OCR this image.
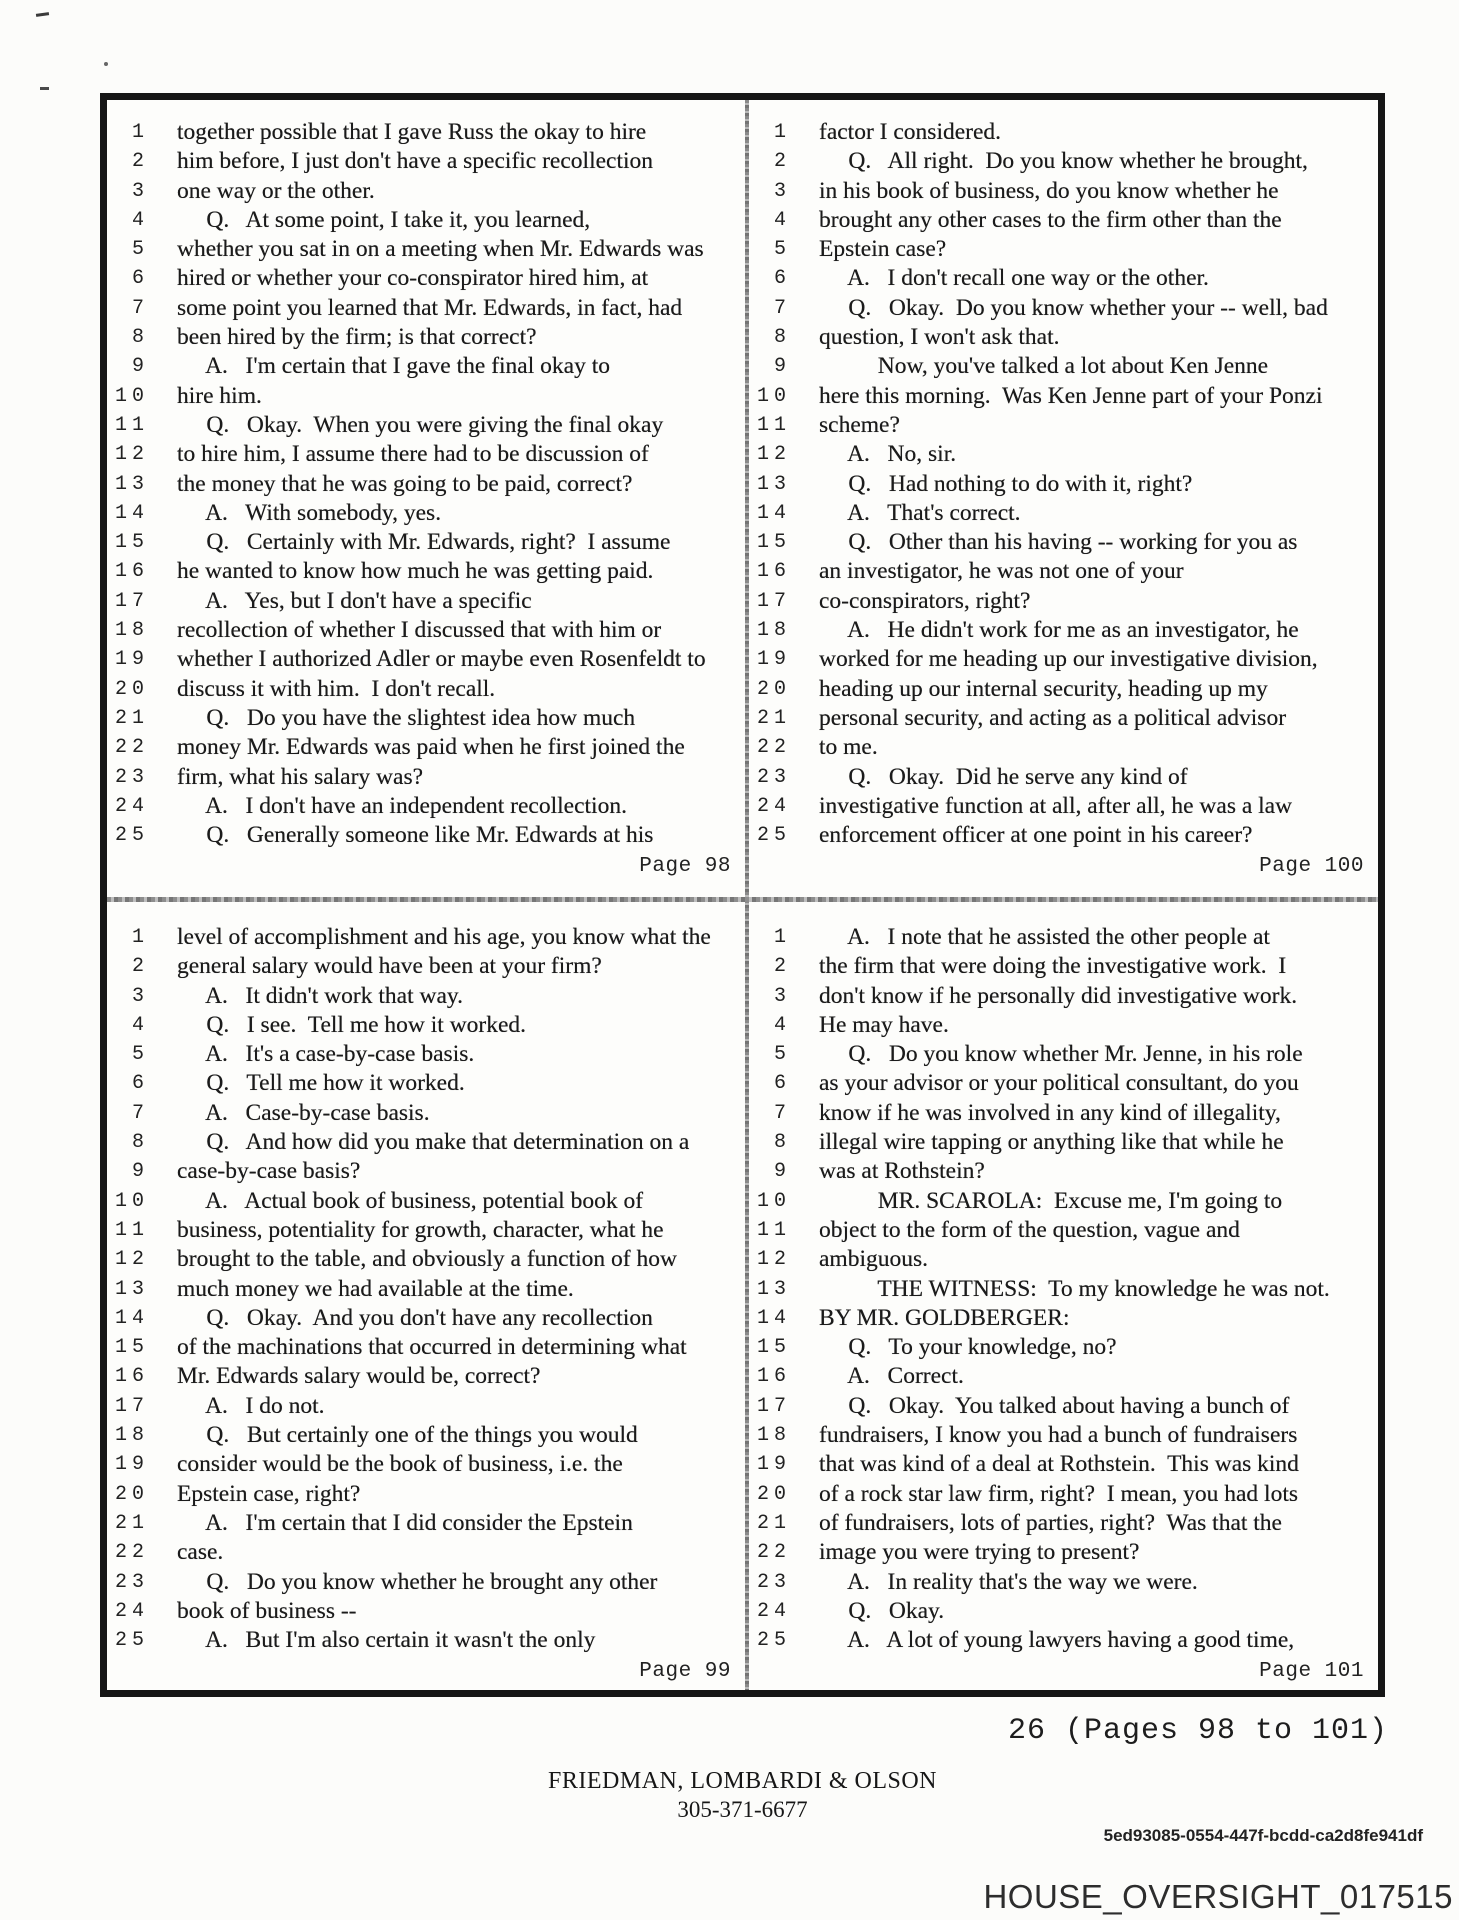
1 together possible that I gave Russ the okay to hire
2 him before, I just don't have a specific recollection
3 one way or the other.
4 Q.   At some point, I take it, you learned,
5 whether you sat in on a meeting when Mr. Edwards was
6 hired or whether your co-conspirator hired him, at
7 some point you learned that Mr. Edwards, in fact, had
8 been hired by the firm; is that correct?
9 A.   I'm certain that I gave the final okay to
10 hire him.
11 Q.   Okay.  When you were giving the final okay
12 to hire him, I assume there had to be discussion of
13 the money that he was going to be paid, correct?
14 A.   With somebody, yes.
15 Q.   Certainly with Mr. Edwards, right?  I assume
16 he wanted to know how much he was getting paid.
17 A.   Yes, but I don't have a specific
18 recollection of whether I discussed that with him or
19 whether I authorized Adler or maybe even Rosenfeldt to
20 discuss it with him.  I don't recall.
21 Q.   Do you have the slightest idea how much
22 money Mr. Edwards was paid when he first joined the
23 firm, what his salary was?
24 A.   I don't have an independent recollection.
25 Q.   Generally someone like Mr. Edwards at his
Page 98
1 factor I considered.
2 Q.   All right.  Do you know whether he brought,
3 in his book of business, do you know whether he
4 brought any other cases to the firm other than the
5 Epstein case?
6 A.   I don't recall one way or the other.
7 Q.   Okay.  Do you know whether your -- well, bad
8 question, I won't ask that.
9 Now, you've talked a lot about Ken Jenne
10 here this morning.  Was Ken Jenne part of your Ponzi
11 scheme?
12 A.   No, sir.
13 Q.   Had nothing to do with it, right?
14 A.   That's correct.
15 Q.   Other than his having -- working for you as
16 an investigator, he was not one of your
17 co-conspirators, right?
18 A.   He didn't work for me as an investigator, he
19 worked for me heading up our investigative division,
20 heading up our internal security, heading up my
21 personal security, and acting as a political advisor
22 to me.
23 Q.   Okay.  Did he serve any kind of
24 investigative function at all, after all, he was a law
25 enforcement officer at one point in his career?
Page 100
1 level of accomplishment and his age, you know what the
2 general salary would have been at your firm?
3 A.   It didn't work that way.
4 Q.   I see.  Tell me how it worked.
5 A.   It's a case-by-case basis.
6 Q.   Tell me how it worked.
7 A.   Case-by-case basis.
8 Q.   And how did you make that determination on a
9 case-by-case basis?
10 A.   Actual book of business, potential book of
11 business, potentiality for growth, character, what he
12 brought to the table, and obviously a function of how
13 much money we had available at the time.
14 Q.   Okay.  And you don't have any recollection
15 of the machinations that occurred in determining what
16 Mr. Edwards salary would be, correct?
17 A.   I do not.
18 Q.   But certainly one of the things you would
19 consider would be the book of business, i.e. the
20 Epstein case, right?
21 A.   I'm certain that I did consider the Epstein
22 case.
23 Q.   Do you know whether he brought any other
24 book of business --
25 A.   But I'm also certain it wasn't the only
Page 99
1 A.   I note that he assisted the other people at
2 the firm that were doing the investigative work.  I
3 don't know if he personally did investigative work.
4 He may have.
5 Q.   Do you know whether Mr. Jenne, in his role
6 as your advisor or your political consultant, do you
7 know if he was involved in any kind of illegality,
8 illegal wire tapping or anything like that while he
9 was at Rothstein?
10 MR. SCAROLA:  Excuse me, I'm going to
11 object to the form of the question, vague and
12 ambiguous.
13 THE WITNESS:  To my knowledge he was not.
14 BY MR. GOLDBERGER:
15 Q.   To your knowledge, no?
16 A.   Correct.
17 Q.   Okay.  You talked about having a bunch of
18 fundraisers, I know you had a bunch of fundraisers
19 that was kind of a deal at Rothstein.  This was kind
20 of a rock star law firm, right?  I mean, you had lots
21 of fundraisers, lots of parties, right?  Was that the
22 image you were trying to present?
23 A.   In reality that's the way we were.
24 Q.   Okay.
25 A.   A lot of young lawyers having a good time,
Page 101
26 (Pages 98 to 101)
FRIEDMAN, LOMBARDI & OLSON
305-371-6677
5ed93085-0554-447f-bcdd-ca2d8fe941df
HOUSE_OVERSIGHT_017515
